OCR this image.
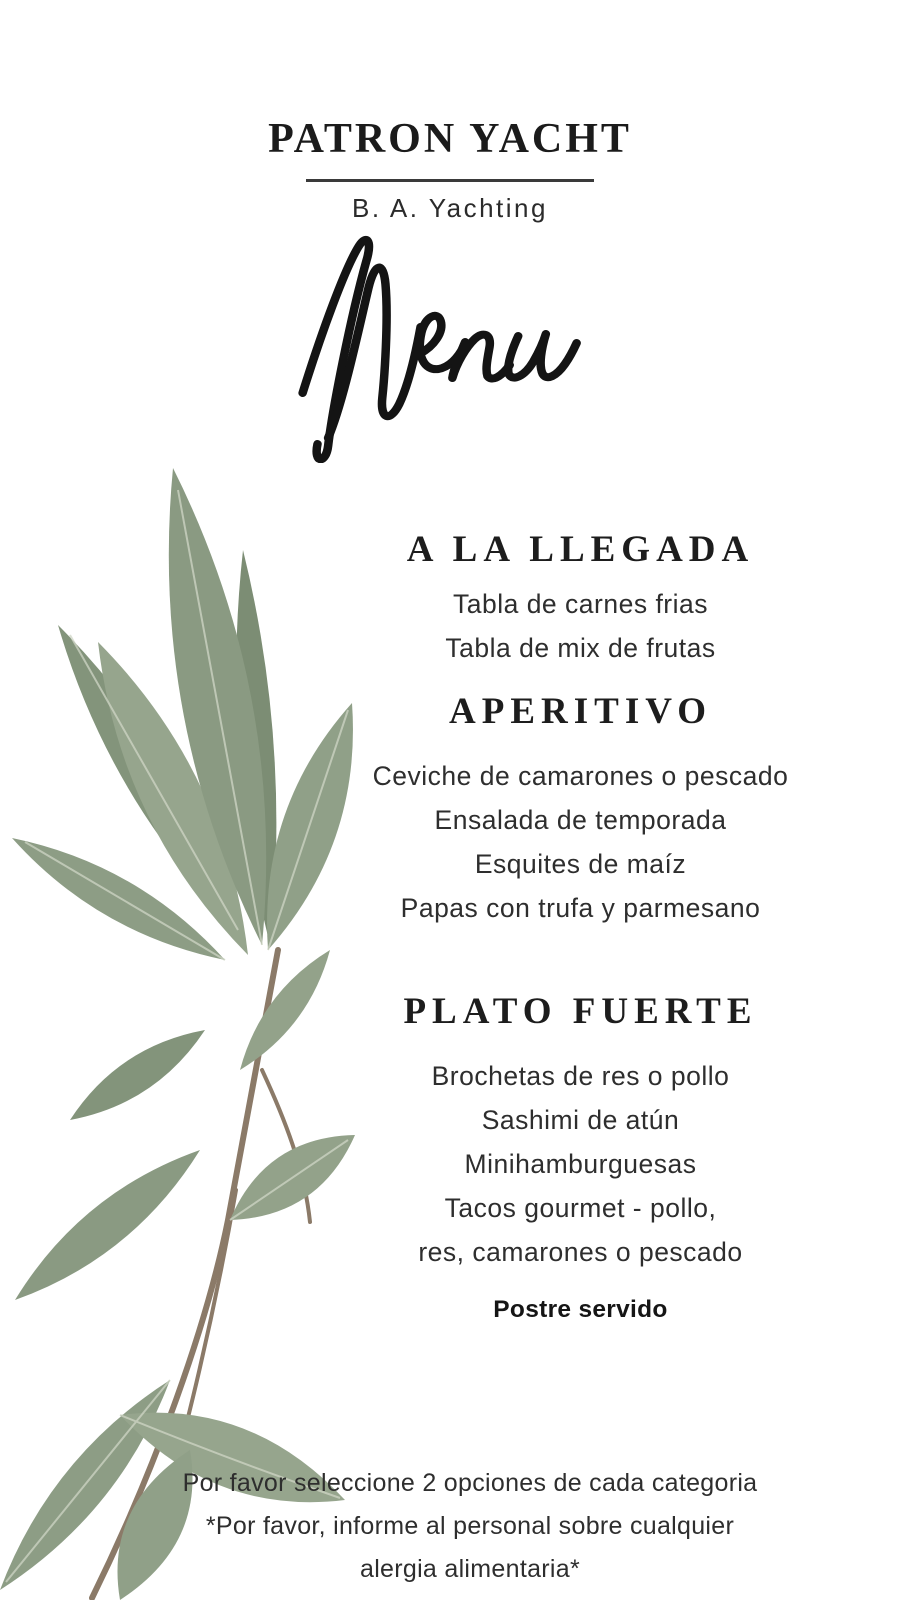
PATRON YACHT
B. A. Yachting
A LA LLEGADA
Tabla de carnes frias
Tabla de mix de frutas
APERITIVO
Ceviche de camarones o pescado
Ensalada de temporada
Esquites de maíz
Papas con trufa y parmesano
PLATO FUERTE
Brochetas de res o pollo
Sashimi de atún
Minihamburguesas
Tacos gourmet - pollo,
res, camarones o pescado
Postre servido
Por favor seleccione 2 opciones de cada categoria
*Por favor, informe al personal sobre cualquier
alergia alimentaria*
